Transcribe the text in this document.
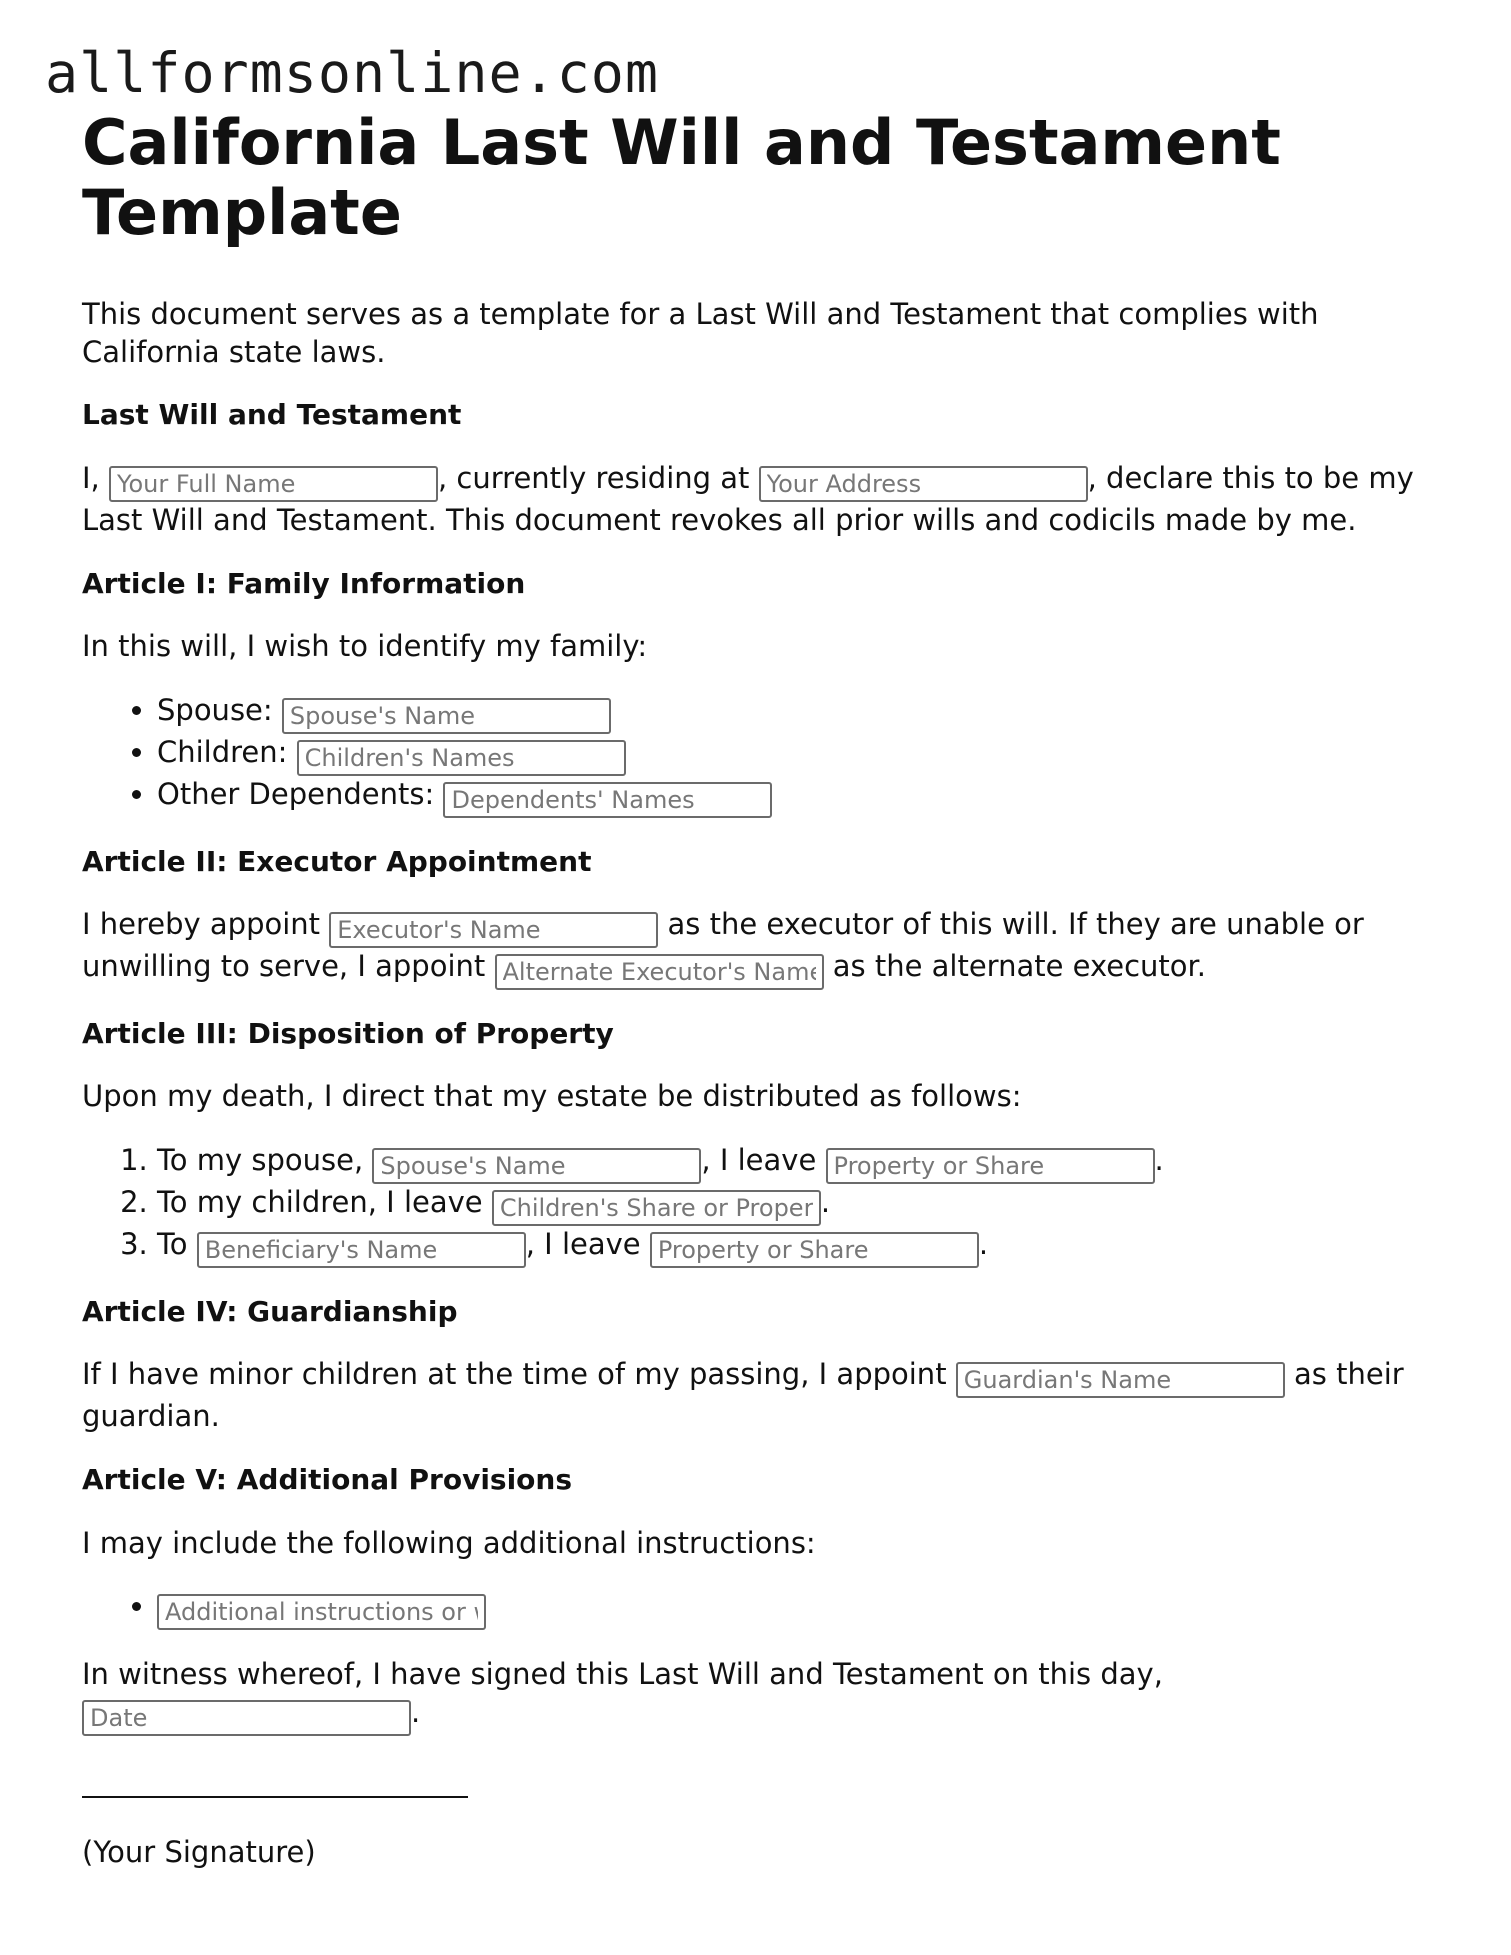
allformsonline.com
California Last Will and Testament Template

This document serves as a template for a Last Will and Testament that complies with California state laws.

Last Will and Testament

I, Your Full Name	, currently residing at Your Address	, declare this to be my Last Will and Testament. This document revokes all prior wills and codicils made by me.

Article I: Family Information

In this will, I wish to identify my family:

• Spouse: Spouse's Name
• Children: Children's Names
• Other Dependents: Dependents' Names
Article II: Executor Appointment

I hereby appoint Executor's Name	as the executor of this will. If they are unable or unwilling to serve, I appoint Alternate Executor's Name	as the alternate executor.

Article III: Disposition of Property

Upon my death, I direct that my estate be distributed as follows:

1. To my spouse, Spouse's Name	, I leave Property or Share	.
2. To my children, I leave Children's Share or Property	.
3. To Beneficiary's Name	, I leave Property or Share	.
Article IV: Guardianship

If I have minor children at the time of my passing, I appoint Guardian's Name	as their guardian.

Article V: Additional Provisions

I may include the following additional instructions:

• Additional instructions or wishes

In witness whereof, I have signed this Last Will and Testament on this day, Date.

(Your Signature)
